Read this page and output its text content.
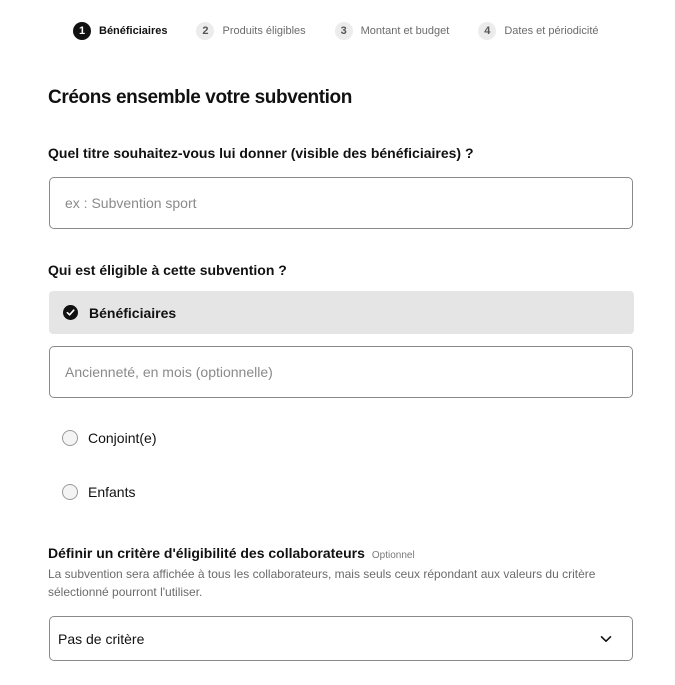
1	Bénéficiaires	2	Produits éligibles	3	Montant et budget	4	Dates et périodicité
Créons ensemble votre subvention
Quel titre souhaitez-vous lui donner (visible des bénéficiaires) ?
ex : Subvention sport
Qui est éligible à cette subvention ?
Bénéficiaires
Ancienneté, en mois (optionnelle)
Conjoint(e)
Enfants
Définir un critère d'éligibilité des collaborateurs Optionnel

La subvention sera affichée à tous les collaborateurs, mais seuls ceux répondant aux valeurs du critère sélectionné pourront l'utiliser.

Pas de critère
